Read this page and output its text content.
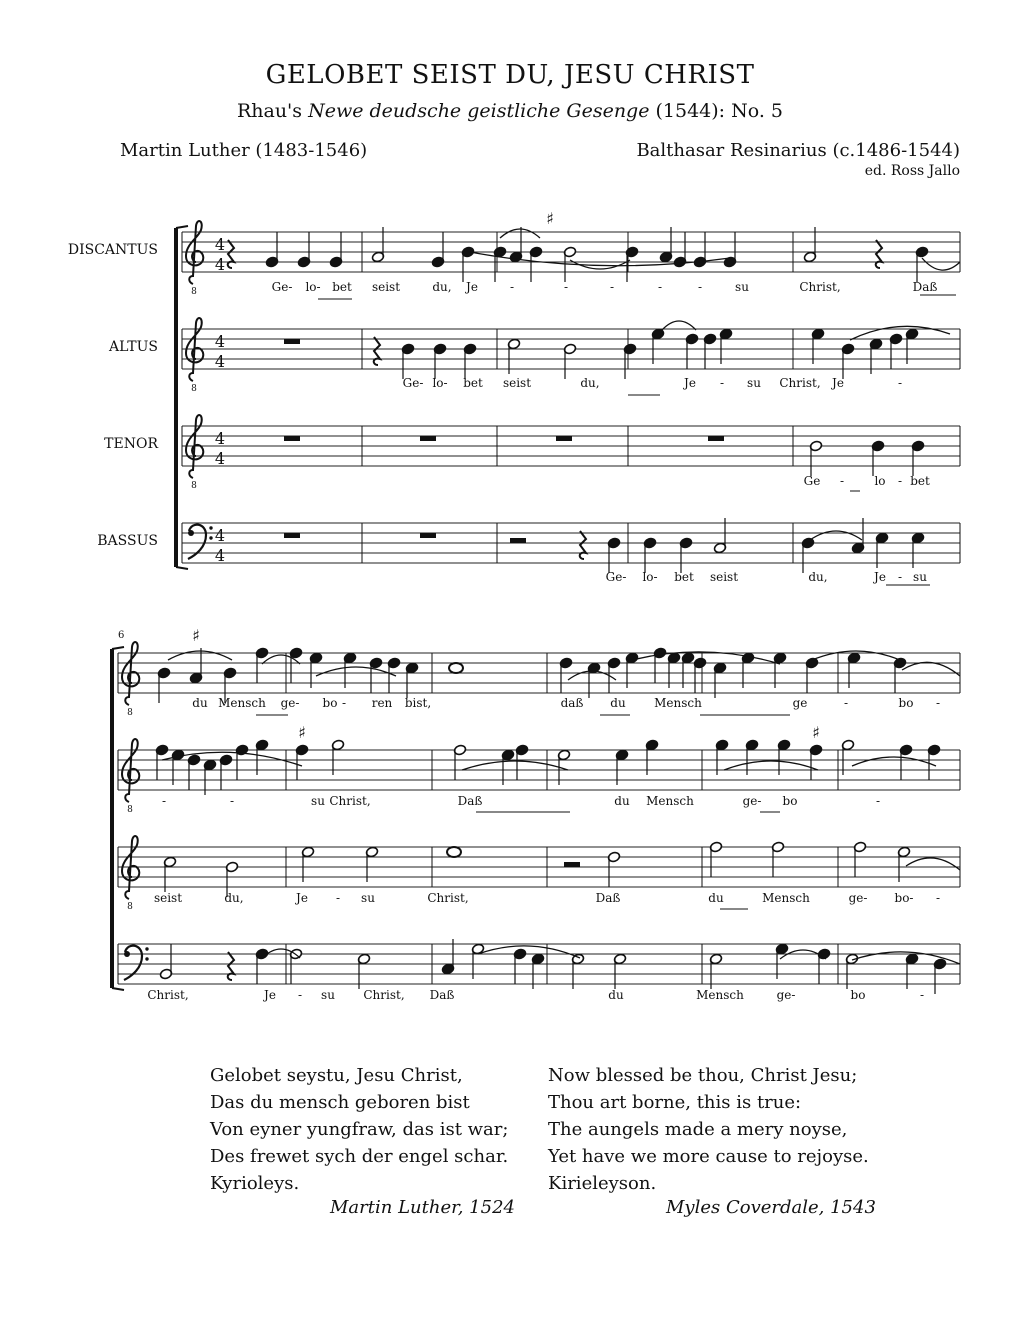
GELOBET SEIST DU, JESU CHRIST
Rhau's Newe deudsche geistliche Gesenge (1544): No. 5
Martin Luther (1483-1546)	Balthasar Resinarius (c.1486-1544)
ed. Ross Jallo
8
4
4
DISCANTUS
8
4
4
ALTUS
8
4
4
TENOR
4
4
BASSUS
8
8
8
6
♯
♯
♯	♯
Ge- lo- bet seist	du, Je	-	-	-	-	-	su	Christ,	Daß
Ge- lo- bet seist	du,	Je - su Christ, Je	-
Ge -	lo - bet
Ge- lo- bet seist	du,	Je - su
du Mensch ge- bo - ren bist,	daß du Mensch	ge	-	bo -
-	-	su Christ,	Daß	du Mensch	ge- bo	-
seist	du,	Je - su	Christ,	Daß	du	Mensch	ge- bo- -
Christ,	Je - su Christ, Daß	du	Mensch	ge-	bo	-
Gelobet seystu, Jesu Christ,
Das du mensch geboren bist
Von eyner yungfraw, das ist war;
Des frewet sych der engel schar.
Kyrioleys.
Martin Luther, 1524
Now blessed be thou, Christ Jesu;
Thou art borne, this is true:
The aungels made a mery noyse,
Yet have we more cause to rejoyse.
Kirieleyson.
Myles Coverdale, 1543
